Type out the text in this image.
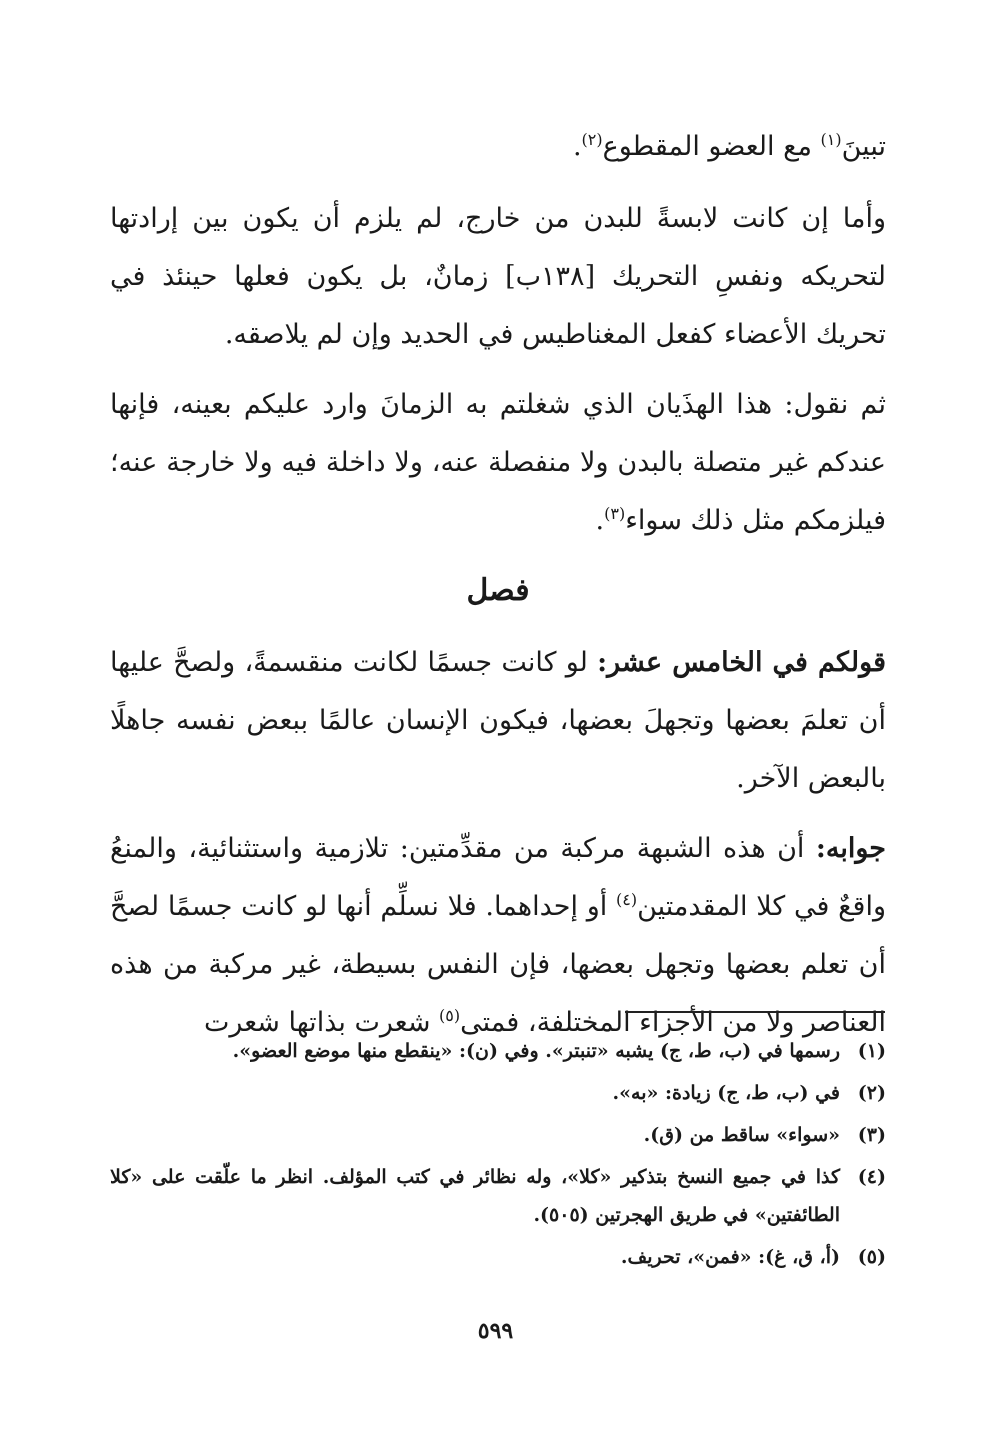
تبينَ$^{(١)}$ مع العضو المقطوع$^{(٢)}$.

وأما إن كانت لابسةً للبدن من خارج، لم يلزم أن يكون بين إرادتها لتحريكه ونفسِ التحريك [١٣٨ب] زمانٌ، بل يكون فعلها حينئذ في تحريك الأعضاء كفعل المغناطيس في الحديد وإن لم يلاصقه.

ثم نقول: هذا الهذَيان الذي شغلتم به الزمانَ وارد عليكم بعينه، فإنها عندكم غير متصلة بالبدن ولا منفصلة عنه، ولا داخلة فيه ولا خارجة عنه؛ فيلزمكم مثل ذلك سواء$^{(٣)}$.

فصل

قولكم في الخامس عشر: لو كانت جسمًا لكانت منقسمةً، ولصحَّ عليها أن تعلمَ بعضها وتجهلَ بعضها، فيكون الإنسان عالمًا ببعض نفسه جاهلًا بالبعض الآخر.

جوابه: أن هذه الشبهة مركبة من مقدِّمتين: تلازمية واستثنائية، والمنعُ واقعٌ في كلا المقدمتين$^{(٤)}$ أو إحداهما. فلا نسلِّم أنها لو كانت جسمًا لصحَّ أن تعلم بعضها وتجهل بعضها، فإن النفس بسيطة، غير مركبة من هذه العناصر ولا من الأجزاء المختلفة، فمتى$^{(٥)}$ شعرت بذاتها شعرت

(١)
رسمها في (ب، ط، ج) يشبه «تنبتر». وفي (ن): «ينقطع منها موضع العضو».
(٢)
في (ب، ط، ج) زيادة: «به».
(٣)
«سواء» ساقط من (ق).
(٤)
كذا في جميع النسخ بتذكير «كلا»، وله نظائر في كتب المؤلف. انظر ما علّقت على «كلا الطائفتين» في طريق الهجرتين (٥٠٥).
(٥)
(أ، ق، غ): «فمن»، تحريف.
٥٩٩
